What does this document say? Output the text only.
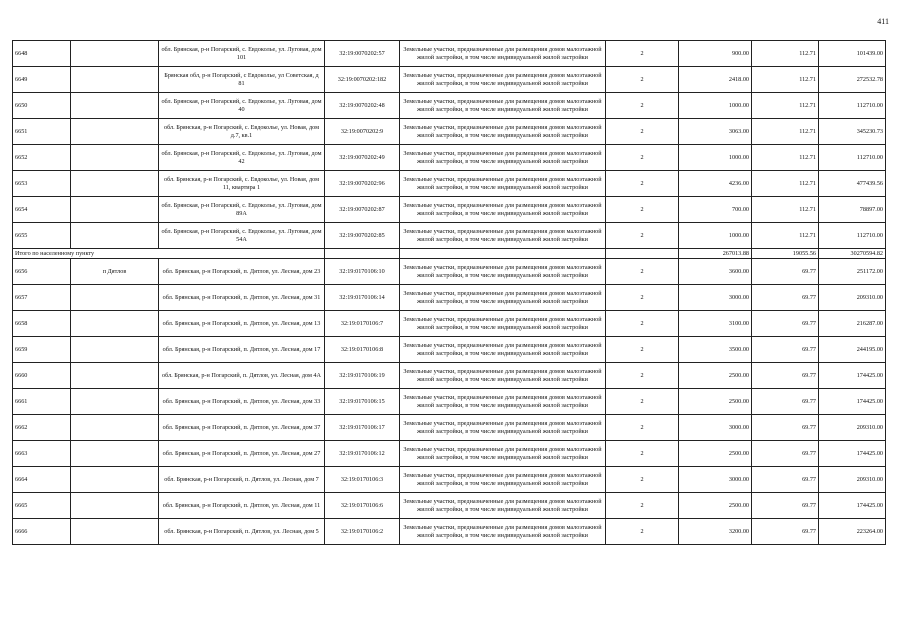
411
6648		обл. Брянская, р-н Погарский, с. Евдоколье, ул. Луговая, дом 101	32:19:0070202:57	Земельные участки, предназначенные для размещения домов малоэтажной жилой застройки, в том числе индивидуальной жилой застройки	2	900.00	112.71	101439.00
6649		Брянская обл, р-н Погарский, с Евдоколье, ул Советская, д 81	32:19:0070202:182	Земельные участки, предназначенные для размещения домов малоэтажной жилой застройки, в том числе индивидуальной жилой застройки	2	2418.00	112.71	272532.78
6650		обл. Брянская, р-н Погарский, с. Евдоколье, ул. Луговая, дом 40	32:19:0070202:48	Земельные участки, предназначенные для размещения домов малоэтажной жилой застройки, в том числе индивидуальной жилой застройки	2	1000.00	112.71	112710.00
6651		обл. Брянская, р-н Погарский, с. Евдоколье, ул. Новая, дом д.7, кв.1	32:19:0070202:9	Земельные участки, предназначенные для размещения домов малоэтажной жилой застройки, в том числе индивидуальной жилой застройки	2	3063.00	112.71	345230.73
6652		обл. Брянская, р-н Погарский, с. Евдоколье, ул. Луговая, дом 42	32:19:0070202:49	Земельные участки, предназначенные для размещения домов малоэтажной жилой застройки, в том числе индивидуальной жилой застройки	2	1000.00	112.71	112710.00
6653		обл. Брянская, р-н Погарский, с. Евдоколье, ул. Новая, дом 11, квартира 1	32:19:0070202:96	Земельные участки, предназначенные для размещения домов малоэтажной жилой застройки, в том числе индивидуальной жилой застройки	2	4236.00	112.71	477439.56
6654		обл. Брянская, р-н Погарский, с. Евдоколье, ул. Луговая, дом 89А	32:19:0070202:87	Земельные участки, предназначенные для размещения домов малоэтажной жилой застройки, в том числе индивидуальной жилой застройки	2	700.00	112.71	78897.00
6655		обл. Брянская, р-н Погарский, с. Евдоколье, ул. Луговая, дом 54А	32:19:0070202:85	Земельные участки, предназначенные для размещения домов малоэтажной жилой застройки, в том числе индивидуальной жилой застройки	2	1000.00	112.71	112710.00
Итого по населенному пункту						267013.88	19055.56	30270594.82
6656	п Дятлов	обл. Брянская, р-н Погарский, п. Дятлов, ул. Лесная, дом 23	32:19:0170106:10	Земельные участки, предназначенные для размещения домов малоэтажной жилой застройки, в том числе индивидуальной жилой застройки	2	3600.00	69.77	251172.00
6657		обл. Брянская, р-н Погарский, п. Дятлов, ул. Лесная, дом 31	32:19:0170106:14	Земельные участки, предназначенные для размещения домов малоэтажной жилой застройки, в том числе индивидуальной жилой застройки	2	3000.00	69.77	209310.00
6658		обл. Брянская, р-н Погарский, п. Дятлов, ул. Лесная, дом 13	32:19:0170106:7	Земельные участки, предназначенные для размещения домов малоэтажной жилой застройки, в том числе индивидуальной жилой застройки	2	3100.00	69.77	216287.00
6659		обл. Брянская, р-н Погарский, п. Дятлов, ул. Лесная, дом 17	32:19:0170106:8	Земельные участки, предназначенные для размещения домов малоэтажной жилой застройки, в том числе индивидуальной жилой застройки	2	3500.00	69.77	244195.00
6660		обл. Брянская, р-н Погарский, п. Дятлов, ул. Лесная, дом 4А	32:19:0170106:19	Земельные участки, предназначенные для размещения домов малоэтажной жилой застройки, в том числе индивидуальной жилой застройки	2	2500.00	69.77	174425.00
6661		обл. Брянская, р-н Погарский, п. Дятлов, ул. Лесная, дом 33	32:19:0170106:15	Земельные участки, предназначенные для размещения домов малоэтажной жилой застройки, в том числе индивидуальной жилой застройки	2	2500.00	69.77	174425.00
6662		обл. Брянская, р-н Погарский, п. Дятлов, ул. Лесная, дом 37	32:19:0170106:17	Земельные участки, предназначенные для размещения домов малоэтажной жилой застройки, в том числе индивидуальной жилой застройки	2	3000.00	69.77	209310.00
6663		обл. Брянская, р-н Погарский, п. Дятлов, ул. Лесная, дом 27	32:19:0170106:12	Земельные участки, предназначенные для размещения домов малоэтажной жилой застройки, в том числе индивидуальной жилой застройки	2	2500.00	69.77	174425.00
6664		обл. Брянская, р-н Погарский, п. Дятлов, ул. Лесная, дом 7	32:19:0170106:3	Земельные участки, предназначенные для размещения домов малоэтажной жилой застройки, в том числе индивидуальной жилой застройки	2	3000.00	69.77	209310.00
6665		обл. Брянская, р-н Погарский, п. Дятлов, ул. Лесная, дом 11	32:19:0170106:6	Земельные участки, предназначенные для размещения домов малоэтажной жилой застройки, в том числе индивидуальной жилой застройки	2	2500.00	69.77	174425.00
6666		обл. Брянская, р-н Погарский, п. Дятлов, ул. Лесная, дом 5	32:19:0170106:2	Земельные участки, предназначенные для размещения домов малоэтажной жилой застройки, в том числе индивидуальной жилой застройки	2	3200.00	69.77	223264.00
